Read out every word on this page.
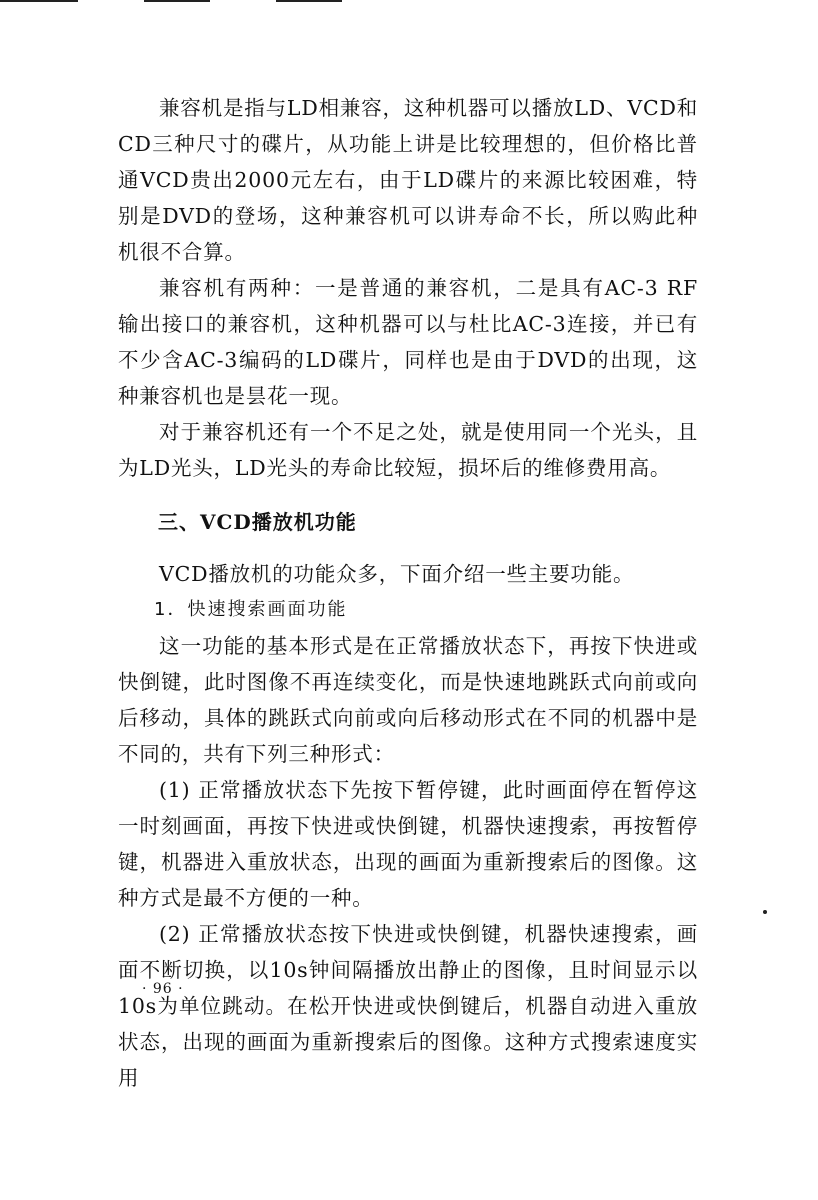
兼容机是指与LD相兼容，这种机器可以播放LD、VCD和CD三种尺寸的碟片，从功能上讲是比较理想的，但价格比普通VCD贵出2000元左右，由于LD碟片的来源比较困难，特别是DVD的登场，这种兼容机可以讲寿命不长，所以购此种机很不合算。

兼容机有两种：一是普通的兼容机，二是具有AC-3 RF输出接口的兼容机，这种机器可以与杜比AC-3连接，并已有不少含AC-3编码的LD碟片，同样也是由于DVD的出现，这种兼容机也是昙花一现。

对于兼容机还有一个不足之处，就是使用同一个光头，且为LD光头，LD光头的寿命比较短，损坏后的维修费用高。

三、VCD播放机功能

VCD播放机的功能众多，下面介绍一些主要功能。

1．快速搜索画面功能

这一功能的基本形式是在正常播放状态下，再按下快进或快倒键，此时图像不再连续变化，而是快速地跳跃式向前或向后移动，具体的跳跃式向前或向后移动形式在不同的机器中是不同的，共有下列三种形式：

(1) 正常播放状态下先按下暂停键，此时画面停在暂停这一时刻画面，再按下快进或快倒键，机器快速搜索，再按暂停键，机器进入重放状态，出现的画面为重新搜索后的图像。这种方式是最不方便的一种。

(2) 正常播放状态按下快进或快倒键，机器快速搜索，画面不断切换，以10s钟间隔播放出静止的图像，且时间显示以10s为单位跳动。在松开快进或快倒键后，机器自动进入重放状态，出现的画面为重新搜索后的图像。这种方式搜索速度实用

· 96 ·
